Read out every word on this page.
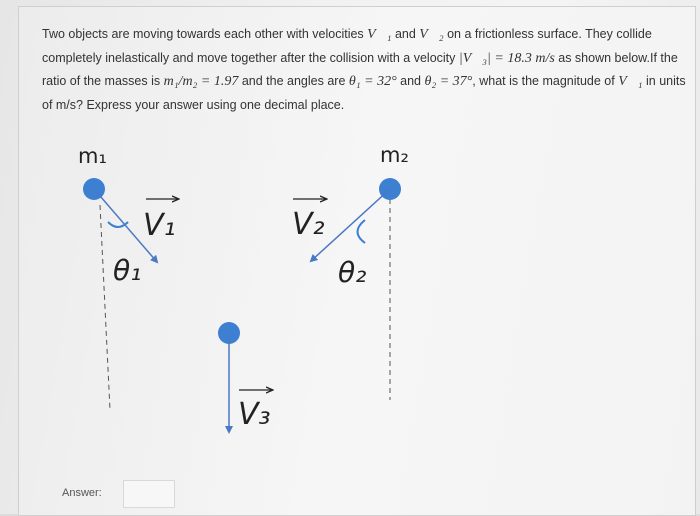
Two objects are moving towards each other with velocities V⃗₁ and V⃗₂ on a frictionless surface. They collide completely inelastically and move together after the collision with a velocity |V⃗₃| = 18.3 m/s as shown below.If the ratio of the masses is m₁/m₂ = 1.97 and the angles are θ₁ = 32° and θ₂ = 37°, what is the magnitude of V⃗₁ in units of m/s? Express your answer using one decimal place.
m₁
V₁
θ₁
m₂
V₂
θ₂
V₃
Answer:
